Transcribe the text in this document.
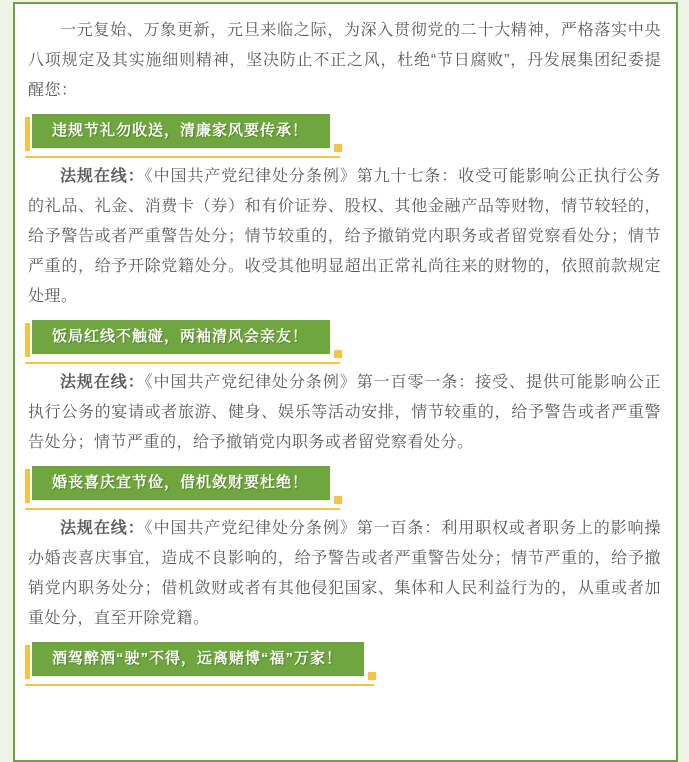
一元复始、万象更新，元旦来临之际，为深入贯彻党的二十大精神，严格落实中央八项规定及其实施细则精神，坚决防止不正之风，杜绝“节日腐败”，丹发展集团纪委提醒您：

违规节礼勿收送，清廉家风要传承！

法规在线：《中国共产党纪律处分条例》第九十七条：收受可能影响公正执行公务的礼品、礼金、消费卡（券）和有价证券、股权、其他金融产品等财物，情节较轻的，给予警告或者严重警告处分；情节较重的，给予撤销党内职务或者留党察看处分；情节严重的，给予开除党籍处分。收受其他明显超出正常礼尚往来的财物的，依照前款规定处理。

饭局红线不触碰，两袖清风会亲友！

法规在线：《中国共产党纪律处分条例》第一百零一条：接受、提供可能影响公正执行公务的宴请或者旅游、健身、娱乐等活动安排，情节较重的，给予警告或者严重警告处分；情节严重的，给予撤销党内职务或者留党察看处分。

婚丧喜庆宜节俭，借机敛财要杜绝！

法规在线：《中国共产党纪律处分条例》第一百条：利用职权或者职务上的影响操办婚丧喜庆事宜，造成不良影响的，给予警告或者严重警告处分；情节严重的，给予撤销党内职务处分；借机敛财或者有其他侵犯国家、集体和人民利益行为的，从重或者加重处分，直至开除党籍。

酒驾醉酒“驶”不得，远离赌博“福”万家！
